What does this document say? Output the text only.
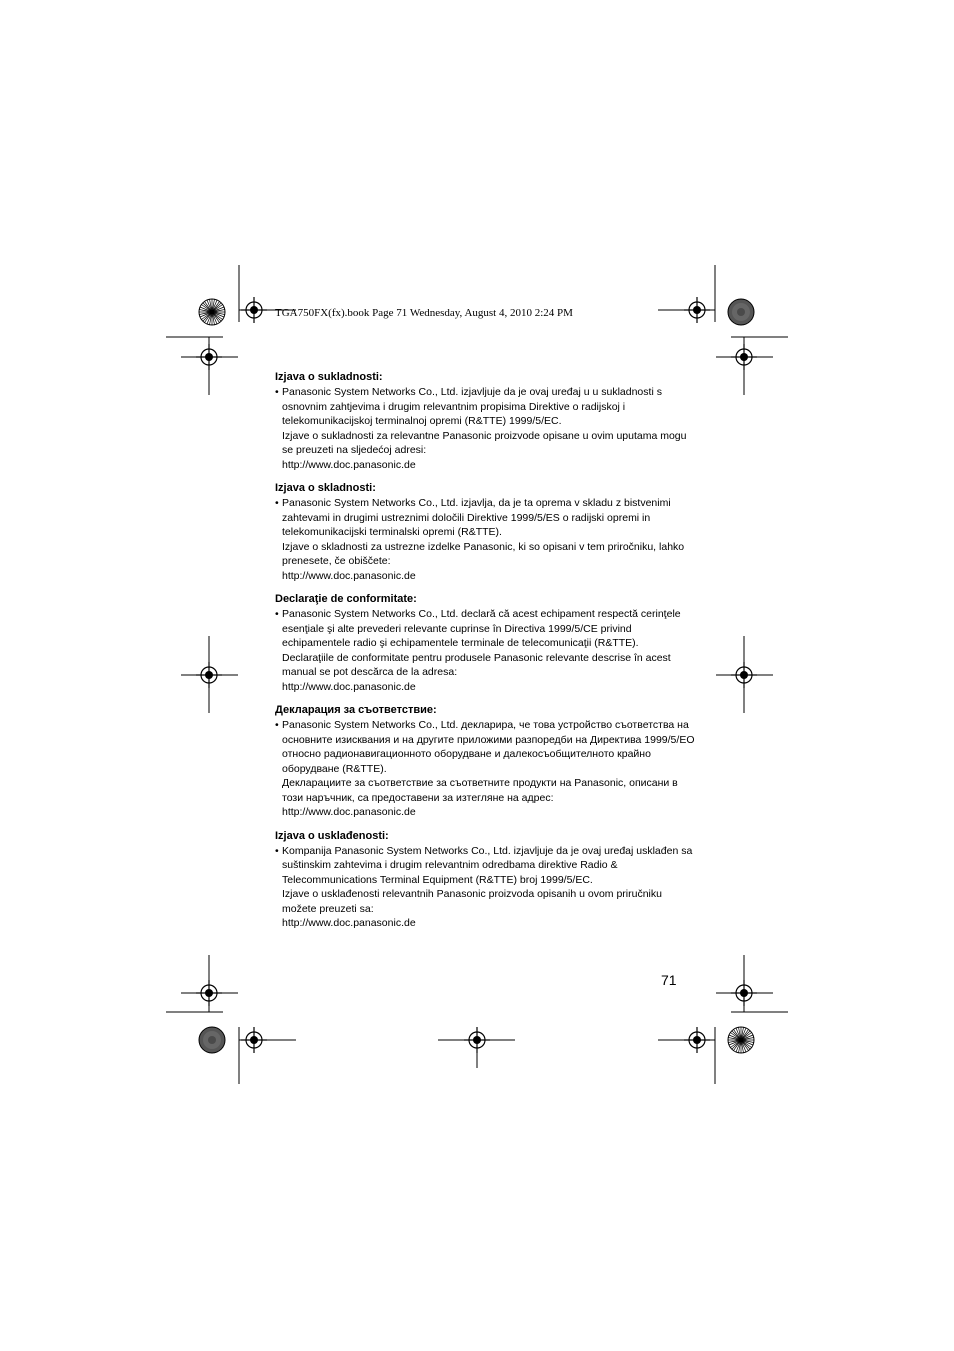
TGA750FX(fx).book Page 71 Wednesday, August 4, 2010 2:24 PM
Izjava o sukladnosti:
• Panasonic System Networks Co., Ltd. izjavljuje da je ovaj uređaj u u sukladnosti s
osnovnim zahtjevima i drugim relevantnim propisima Direktive o radijskoj i
telekomunikacijskoj terminalnoj opremi (R&TTE) 1999/5/EC.
Izjave o sukladnosti za relevantne Panasonic proizvode opisane u ovim uputama mogu
se preuzeti na sljedećoj adresi:
http://www.doc.panasonic.de
Izjava o skladnosti:
• Panasonic System Networks Co., Ltd. izjavlja, da je ta oprema v skladu z bistvenimi
zahtevami in drugimi ustreznimi določili Direktive 1999/5/ES o radijski opremi in
telekomunikacijski terminalski opremi (R&TTE).
Izjave o skladnosti za ustrezne izdelke Panasonic, ki so opisani v tem priročniku, lahko
prenesete, če obiščete:
http://www.doc.panasonic.de
Declaraţie de conformitate:
• Panasonic System Networks Co., Ltd. declară că acest echipament respectă cerinţele
esenţiale şi alte prevederi relevante cuprinse în Directiva 1999/5/CE privind
echipamentele radio şi echipamentele terminale de telecomunicaţii (R&TTE).
Declaraţiile de conformitate pentru produsele Panasonic relevante descrise în acest
manual se pot descărca de la adresa:
http://www.doc.panasonic.de
Декларация за съответствие:
• Panasonic System Networks Co., Ltd. декларира, че това устройство съответства на
основните изисквания и на другите приложими разпоредби на Директива 1999/5/ЕО
относно радионавигационното оборудване и далекосъобщителното крайно
оборудване (R&TTE).
Декларациите за съответствие за съответните продукти на Panasonic, описани в
този наръчник, са предоставени за изтегляне на адрес:
http://www.doc.panasonic.de
Izjava o usklađenosti:
• Kompanija Panasonic System Networks Co., Ltd. izjavljuje da je ovaj uređaj usklađen sa
suštinskim zahtevima i drugim relevantnim odredbama direktive Radio &
Telecommunications Terminal Equipment (R&TTE) broj 1999/5/EC.
Izjave o usklađenosti relevantnih Panasonic proizvoda opisanih u ovom priručniku
možete preuzeti sa:
http://www.doc.panasonic.de
71
